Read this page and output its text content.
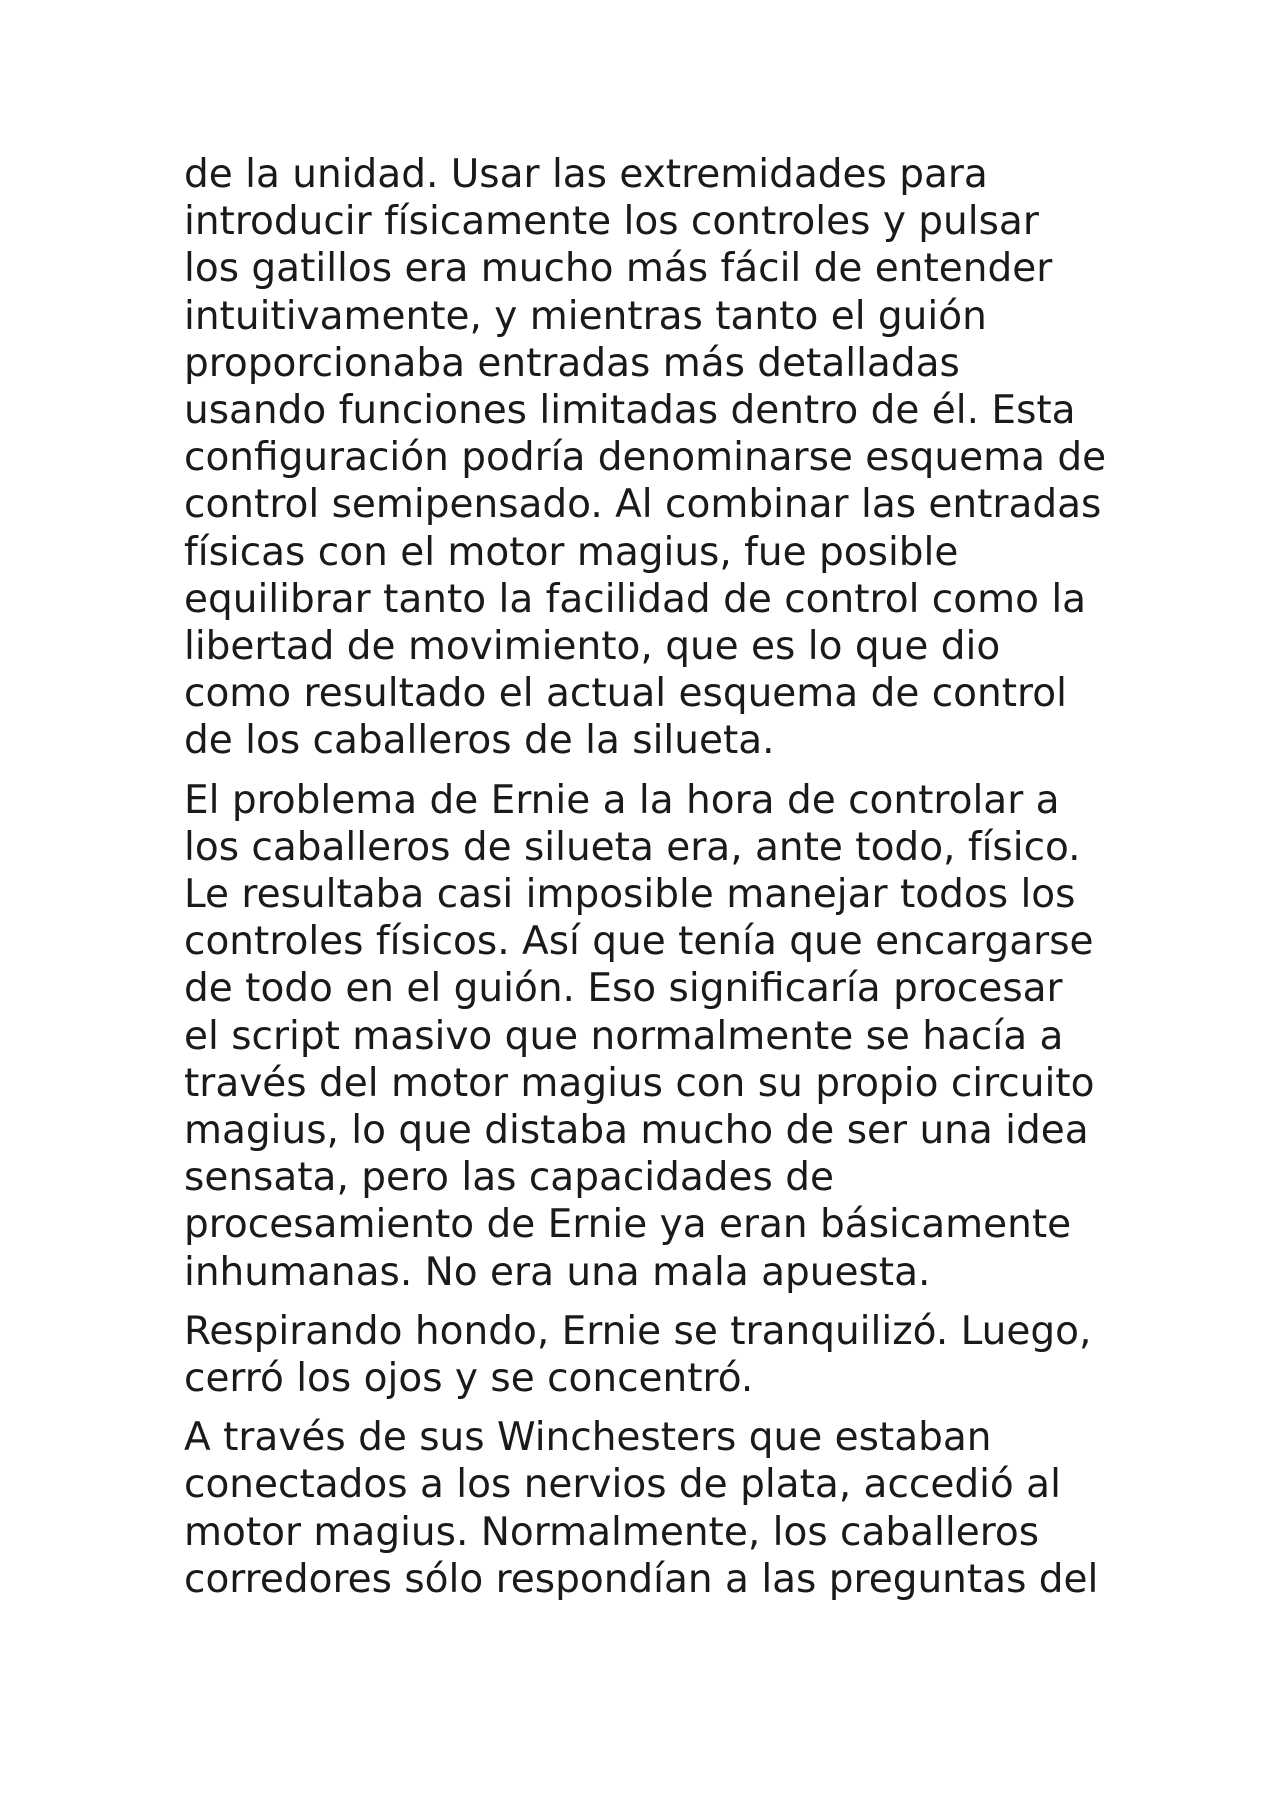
de la unidad. Usar las extremidades para
introducir físicamente los controles y pulsar
los gatillos era mucho más fácil de entender
intuitivamente, y mientras tanto el guión
proporcionaba entradas más detalladas
usando funciones limitadas dentro de él. Esta
configuración podría denominarse esquema de
control semipensado. Al combinar las entradas
físicas con el motor magius, fue posible
equilibrar tanto la facilidad de control como la
libertad de movimiento, que es lo que dio
como resultado el actual esquema de control
de los caballeros de la silueta.
El problema de Ernie a la hora de controlar a
los caballeros de silueta era, ante todo, físico.
Le resultaba casi imposible manejar todos los
controles físicos. Así que tenía que encargarse
de todo en el guión. Eso significaría procesar
el script masivo que normalmente se hacía a
través del motor magius con su propio circuito
magius, lo que distaba mucho de ser una idea
sensata, pero las capacidades de
procesamiento de Ernie ya eran básicamente
inhumanas. No era una mala apuesta.
Respirando hondo, Ernie se tranquilizó. Luego,
cerró los ojos y se concentró.
A través de sus Winchesters que estaban
conectados a los nervios de plata, accedió al
motor magius. Normalmente, los caballeros
corredores sólo respondían a las preguntas del
